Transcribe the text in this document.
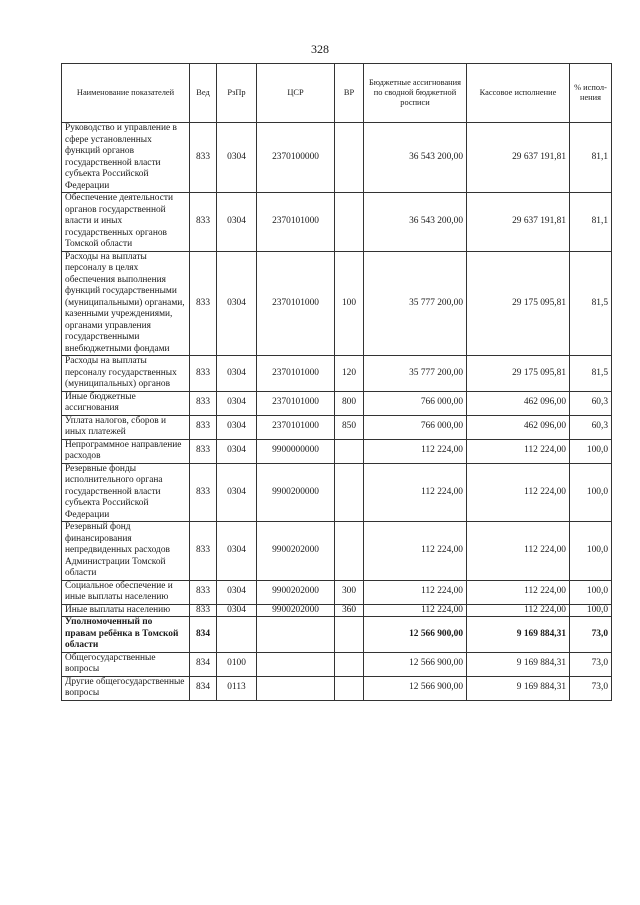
328
Наименование показателей	Вед	РзПр	ЦСР	ВР	Бюджетные ассигнования по сводной бюджетной росписи	Кассовое исполнение	% испол-нения
Руководство и управление в сфере установленных функций органов государственной власти субъекта Российской Федерации	833	0304	2370100000		36 543 200,00	29 637 191,81	81,1
Обеспечение деятельности органов государственной власти и иных государственных органов Томской области	833	0304	2370101000		36 543 200,00	29 637 191,81	81,1
Расходы на выплаты персоналу в целях обеспечения выполнения функций государственными (муниципальными) органами, казенными учреждениями, органами управления государственными внебюджетными фондами	833	0304	2370101000	100	35 777 200,00	29 175 095,81	81,5
Расходы на выплаты персоналу государственных (муниципальных) органов	833	0304	2370101000	120	35 777 200,00	29 175 095,81	81,5
Иные бюджетные ассигнования	833	0304	2370101000	800	766 000,00	462 096,00	60,3
Уплата налогов, сборов и иных платежей	833	0304	2370101000	850	766 000,00	462 096,00	60,3
Непрограммное направление расходов	833	0304	9900000000		112 224,00	112 224,00	100,0
Резервные фонды исполнительного органа государственной власти субъекта Российской Федерации	833	0304	9900200000		112 224,00	112 224,00	100,0
Резервный фонд финансирования непредвиденных расходов Администрации Томской области	833	0304	9900202000		112 224,00	112 224,00	100,0
Социальное обеспечение и иные выплаты населению	833	0304	9900202000	300	112 224,00	112 224,00	100,0
Иные выплаты населению	833	0304	9900202000	360	112 224,00	112 224,00	100,0
Уполномоченный по правам ребёнка в Томской области	834				12 566 900,00	9 169 884,31	73,0
Общегосударственные вопросы	834	0100			12 566 900,00	9 169 884,31	73,0
Другие общегосударственные вопросы	834	0113			12 566 900,00	9 169 884,31	73,0
